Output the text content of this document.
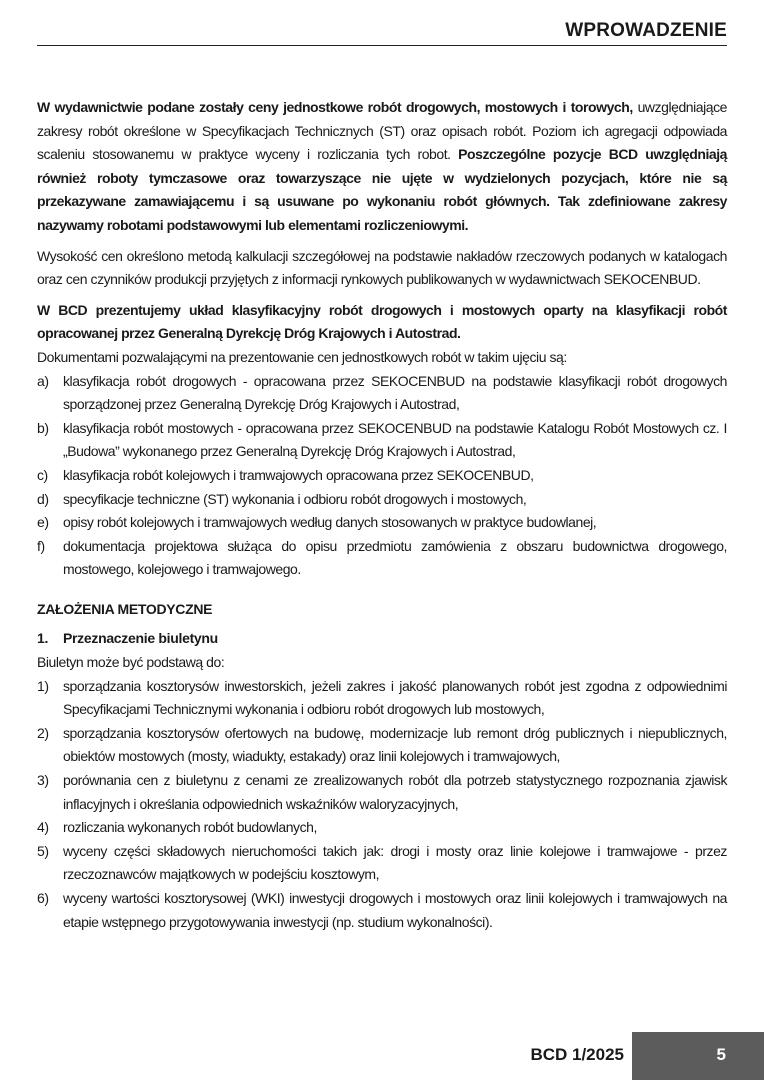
WPROWADZENIE

W wydawnictwie podane zostały ceny jednostkowe robót drogowych, mostowych i torowych, uwzględniające zakresy robót określone w Specyfikacjach Technicznych (ST) oraz opisach robót. Poziom ich agregacji odpowiada scaleniu stosowanemu w praktyce wyceny i rozliczania tych robot. Poszczególne pozycje BCD uwzględniają również roboty tymczasowe oraz towarzyszące nie ujęte w wydzielonych pozycjach, które nie są przekazywane zamawiającemu i są usuwane po wykonaniu robót głównych. Tak zdefiniowane zakresy nazywamy robotami podstawowymi lub elementami rozliczeniowymi.

Wysokość cen określono metodą kalkulacji szczegółowej na podstawie nakładów rzeczowych podanych w katalogach oraz cen czynników produkcji przyjętych z informacji rynkowych publikowanych w wydawnictwach SEKOCENBUD.

W BCD prezentujemy układ klasyfikacyjny robót drogowych i mostowych oparty na klasyfikacji robót opracowanej przez Generalną Dyrekcję Dróg Krajowych i Autostrad.

Dokumentami pozwalającymi na prezentowanie cen jednostkowych robót w takim ujęciu są:

a) klasyfikacja robót drogowych - opracowana przez SEKOCENBUD na podstawie klasyfikacji robót drogowych sporządzonej przez Generalną Dyrekcję Dróg Krajowych i Autostrad,
b) klasyfikacja robót mostowych - opracowana przez SEKOCENBUD na podstawie Katalogu Robót Mostowych cz. I „Budowa” wykonanego przez Generalną Dyrekcję Dróg Krajowych i Autostrad,
c) klasyfikacja robót kolejowych i tramwajowych opracowana przez SEKOCENBUD,
d) specyfikacje techniczne (ST) wykonania i odbioru robót drogowych i mostowych,
e) opisy robót kolejowych i tramwajowych według danych stosowanych w praktyce budowlanej,
f) dokumentacja projektowa służąca do opisu przedmiotu zamówienia z obszaru budownictwa drogowego, mostowego, kolejowego i tramwajowego.
ZAŁOŻENIA METODYCZNE
1. Przeznaczenie biuletynu

Biuletyn może być podstawą do:

1) sporządzania kosztorysów inwestorskich, jeżeli zakres i jakość planowanych robót jest zgodna z odpowiednimi Specyfikacjami Technicznymi wykonania i odbioru robót drogowych lub mostowych,
2) sporządzania kosztorysów ofertowych na budowę, modernizacje lub remont dróg publicznych i niepublicznych, obiektów mostowych (mosty, wiadukty, estakady) oraz linii kolejowych i tramwajowych,
3) porównania cen z biuletynu z cenami ze zrealizowanych robót dla potrzeb statystycznego rozpoznania zjawisk inflacyjnych i określania odpowiednich wskaźników waloryzacyjnych,
4) rozliczania wykonanych robót budowlanych,
5) wyceny części składowych nieruchomości takich jak: drogi i mosty oraz linie kolejowe i tramwajowe - przez rzeczoznawców majątkowych w podejściu kosztowym,
6) wyceny wartości kosztorysowej (WKI) inwestycji drogowych i mostowych oraz linii kolejowych i tramwajowych na etapie wstępnego przygotowywania inwestycji (np. studium wykonalności).
BCD 1/2025	5
